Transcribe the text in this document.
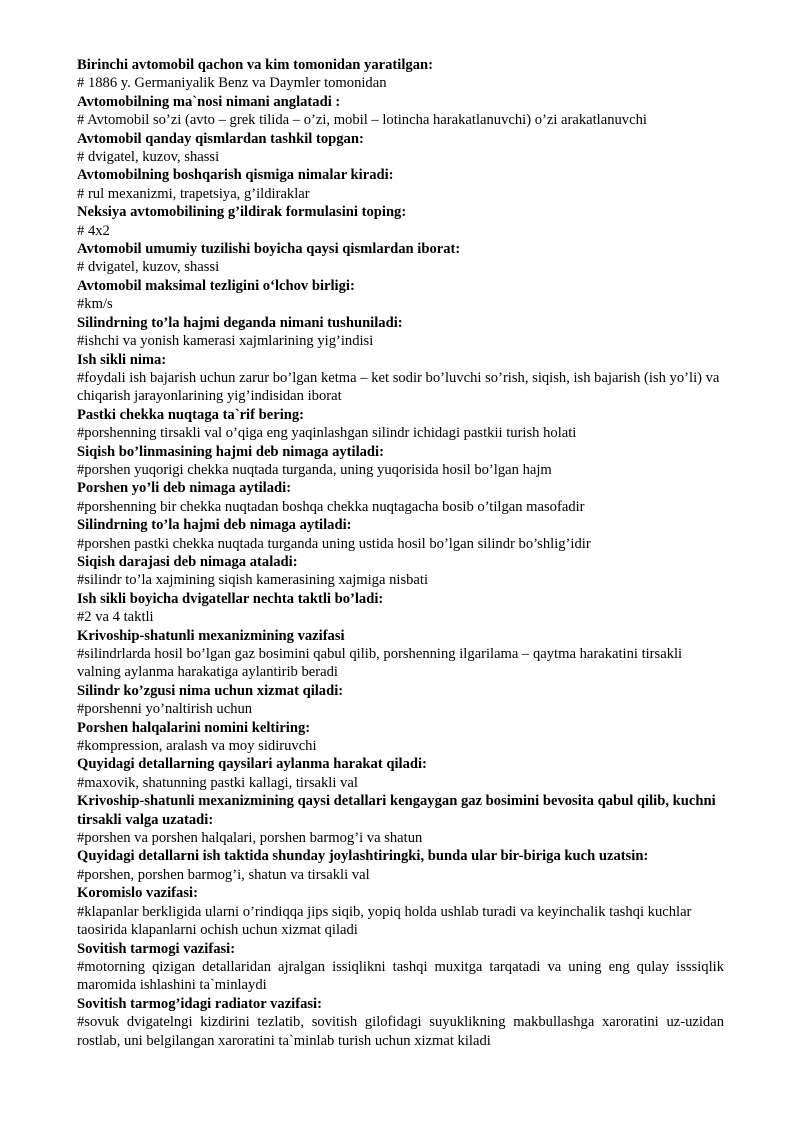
Birinchi avtomobil qachon va kim tomonidan yaratilgan:

# 1886 y. Germaniyalik Benz va Daymler tomonidan

Avtomobilning ma`nosi nimani anglatadi :

# Avtomobil so’zi (avto – grek tilida – o’zi, mobil – lotincha harakatlanuvchi) o’zi arakatlanuvchi

Avtomobil qanday qismlardan tashkil topgan:

# dvigatel, kuzov, shassi

Avtomobilning boshqarish qismiga nimalar kiradi:

# rul mexanizmi, trapetsiya, g’ildiraklar

Neksiya avtomobilining g’ildirak formulasini toping:

# 4x2

Avtomobil umumiy tuzilishi boyicha qaysi qismlardan iborat:

# dvigatel, kuzov, shassi

Avtomobil maksimal tezligini o‘lchov birligi:

#km/s

Silindrning to’la hajmi deganda nimani tushuniladi:

#ishchi va yonish kamerasi xajmlarining yig’indisi

Ish sikli nima:

#foydali ish bajarish uchun zarur bo’lgan ketma – ket sodir bo’luvchi so’rish, siqish, ish bajarish (ish yo’li) va chiqarish jarayonlarining yig’indisidan iborat

Pastki chekka nuqtaga ta`rif bering:

#porshenning tirsakli val o’qiga eng yaqinlashgan silindr ichidagi pastkii turish holati

Siqish bo’linmasining hajmi deb nimaga aytiladi:

#porshen yuqorigi chekka nuqtada turganda, uning yuqorisida hosil bo’lgan hajm

Porshen yo’li deb nimaga aytiladi:

#porshenning bir chekka nuqtadan boshqa chekka nuqtagacha bosib o’tilgan masofadir

Silindrning to’la hajmi deb nimaga aytiladi:

#porshen pastki chekka nuqtada turganda uning ustida hosil bo’lgan silindr bo’shlig’idir

Siqish darajasi deb nimaga ataladi:

#silindr to’la xajmining siqish kamerasining xajmiga nisbati

Ish sikli boyicha dvigatellar nechta taktli bo’ladi:

#2 va 4 taktli

Krivoship-shatunli mexanizmining vazifasi

#silindrlarda hosil bo’lgan gaz bosimini qabul qilib, porshenning ilgarilama – qaytma harakatini tirsakli valning aylanma harakatiga aylantirib beradi

Silindr ko’zgusi nima uchun xizmat qiladi:

#porshenni yo’naltirish uchun

Porshen halqalarini nomini keltiring:

#kompression, aralash va moy sidiruvchi

Quyidagi detallarning qaysilari aylanma harakat qiladi:

#maxovik, shatunning pastki kallagi, tirsakli val

Krivoship-shatunli mexanizmining qaysi detallari kengaygan gaz bosimini bevosita qabul qilib, kuchni tirsakli valga uzatadi:

#porshen va porshen halqalari, porshen barmog’i va shatun

Quyidagi detallarni ish taktida shunday joylashtiringki, bunda ular bir-biriga kuch uzatsin:

#porshen, porshen barmog’i, shatun va tirsakli val

Koromislo vazifasi:

#klapanlar berkligida ularni o’rindiqqa jips siqib, yopiq holda ushlab turadi va keyinchalik tashqi kuchlar taosirida klapanlarni ochish uchun xizmat qiladi

Sovitish tarmogi vazifasi:

#motorning qizigan detallaridan ajralgan issiqlikni tashqi muxitga tarqatadi va uning eng qulay isssiqlik maromida ishlashini ta`minlaydi

Sovitish tarmog’idagi radiator vazifasi:

#sovuk dvigatelngi kizdirini tezlatib, sovitish gilofidagi suyuklikning makbullashga xaroratini uz-uzidan rostlab, uni belgilangan xaroratini ta`minlab turish uchun xizmat kiladi
